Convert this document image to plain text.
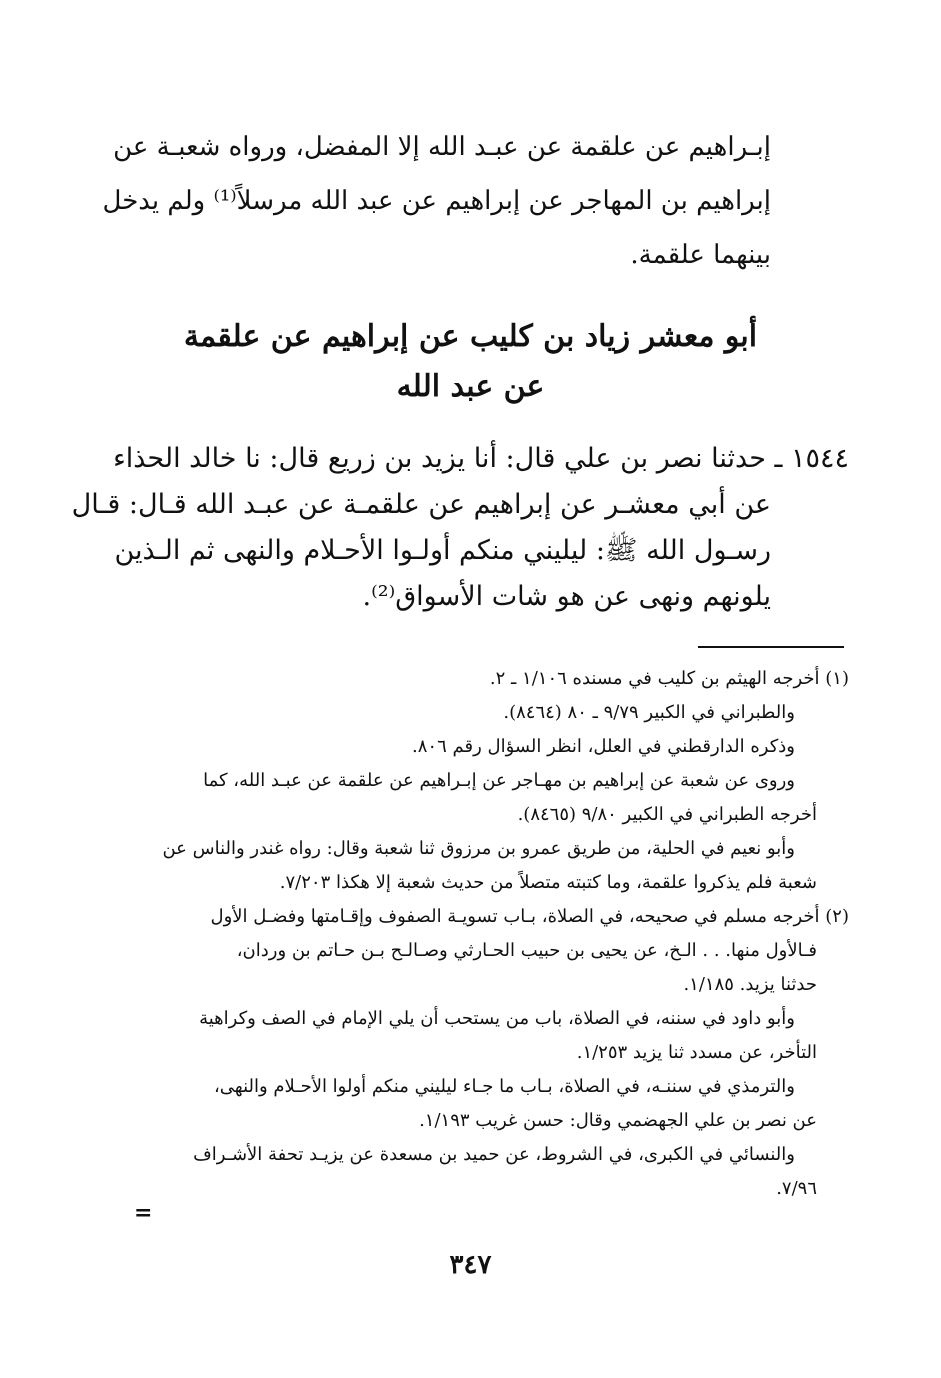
إبـراهيم عن علقمة عن عبـد الله إلا المفضل، ورواه شعبـة عن
إبراهيم بن المهاجر عن إبراهيم عن عبد الله مرسلاً⁽¹⁾ ولم يدخل
بينهما علقمة.
أبو معشر زياد بن كليب عن إبراهيم عن علقمة
عن عبد الله
١٥٤٤ ـ حدثنا نصر بن علي قال: أنا يزيد بن زريع قال: نا خالد الحذاء
عن أبي معشـر عن إبراهيم عن علقمـة عن عبـد الله قـال: قـال
رسـول الله ﷺ: ليليني منكم أولـوا الأحـلام والنهى ثم الـذين
يلونهم ونهى عن هو شات الأسواق⁽²⁾.
(١) أخرجه الهيثم بن كليب في مسنده ١/١٠٦ ـ ٢.
والطبراني في الكبير ٩/٧٩ ـ ٨٠ (٨٤٦٤).
وذكره الدارقطني في العلل، انظر السؤال رقم ٨٠٦.
وروى عن شعبة عن إبراهيم بن مهـاجر عن إبـراهيم عن علقمة عن عبـد الله، كما
أخرجه الطبراني في الكبير ٩/٨٠ (٨٤٦٥).
وأبو نعيم في الحلية، من طريق عمرو بن مرزوق ثنا شعبة وقال: رواه غندر والناس عن
شعبة فلم يذكروا علقمة، وما كتبته متصلاً من حديث شعبة إلا هكذا ٧/٢٠٣.
(٢) أخرجه مسلم في صحيحه، في الصلاة، بـاب تسويـة الصفوف وإقـامتها وفضـل الأول
فـالأول منها. . . الـخ، عن يحيى بن حبيب الحـارثي وصـالـح بـن حـاتم بن وردان،
حدثنا يزيد. ١/١٨٥.
وأبو داود في سننه، في الصلاة، باب من يستحب أن يلي الإمام في الصف وكراهية
التأخر، عن مسدد ثنا يزيد ١/٢٥٣.
والترمذي في سننـه، في الصلاة، بـاب ما جـاء ليليني منكم أولوا الأحـلام والنهى،
عن نصر بن علي الجهضمي وقال: حسن غريب ١/١٩٣.
والنسائي في الكبرى، في الشروط، عن حميد بن مسعدة عن يزيـد تحفة الأشـراف
٧/٩٦.
=
٣٤٧
